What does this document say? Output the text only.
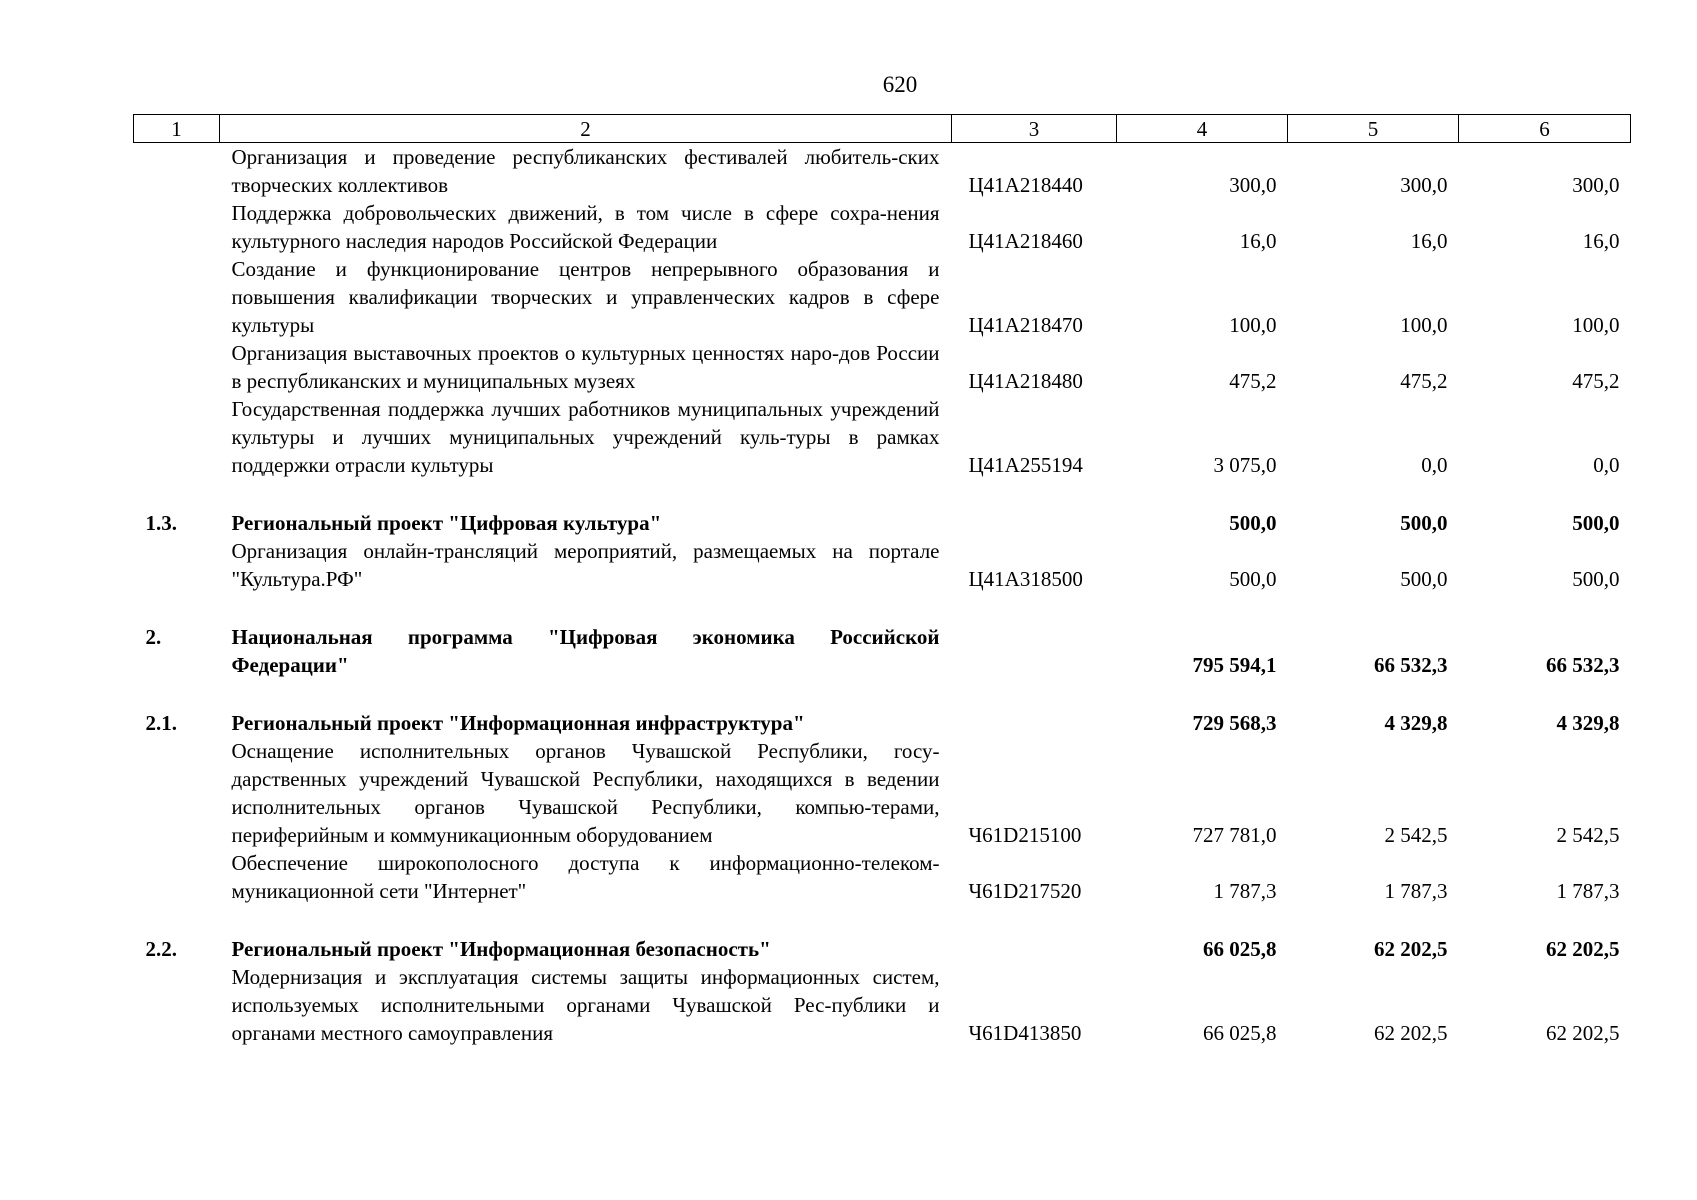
620
1	2	3	4	5	6
	Организация и проведение республиканских фестивалей любитель-ских творческих коллективов	Ц41А218440	300,0	300,0	300,0
	Поддержка добровольческих движений, в том числе в сфере сохра-нения культурного наследия народов Российской Федерации	Ц41А218460	16,0	16,0	16,0
	Создание и функционирование центров непрерывного образования и повышения квалификации творческих и управленческих кадров в сфере культуры	Ц41А218470	100,0	100,0	100,0
	Организация выставочных проектов о культурных ценностях наро-дов России в республиканских и муниципальных музеях	Ц41А218480	475,2	475,2	475,2
	Государственная поддержка лучших работников муниципальных учреждений культуры и лучших муниципальных учреждений куль-туры в рамках поддержки отрасли культуры	Ц41А255194	3 075,0	0,0	0,0

1.3.	Региональный проект "Цифровая культура"		500,0	500,0	500,0
	Организация онлайн-трансляций мероприятий, размещаемых на портале "Культура.РФ"	Ц41А318500	500,0	500,0	500,0

2.	Национальная программа "Цифровая экономика Российской Федерации"		795 594,1	66 532,3	66 532,3

2.1.	Региональный проект "Информационная инфраструктура"		729 568,3	4 329,8	4 329,8
	Оснащение исполнительных органов Чувашской Республики, госу-дарственных учреждений Чувашской Республики, находящихся в ведении исполнительных органов Чувашской Республики, компью-терами, периферийным и коммуникационным оборудованием	Ч61D215100	727 781,0	2 542,5	2 542,5
	Обеспечение широкополосного доступа к информационно-телеком-муникационной сети "Интернет"	Ч61D217520	1 787,3	1 787,3	1 787,3

2.2.	Региональный проект "Информационная безопасность"		66 025,8	62 202,5	62 202,5
	Модернизация и эксплуатация системы защиты информационных систем, используемых исполнительными органами Чувашской Рес-публики и органами местного самоуправления	Ч61D413850	66 025,8	62 202,5	62 202,5
